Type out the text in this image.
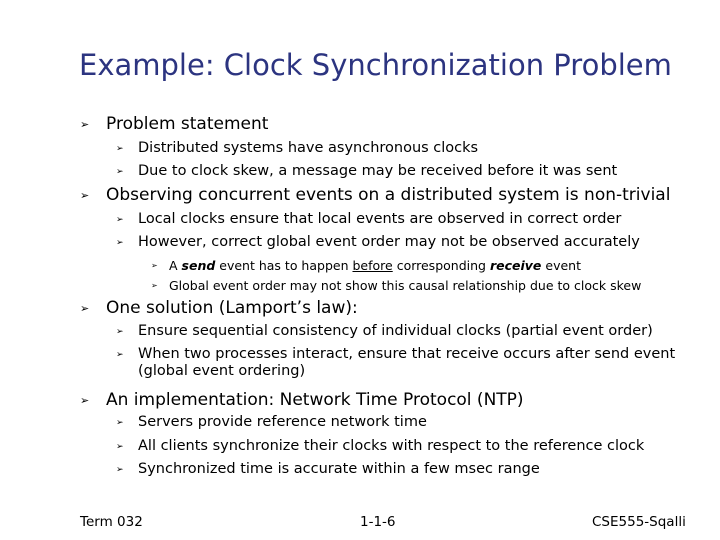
Example: Clock Synchronization Problem
➢ Problem statement
➢ Distributed systems have asynchronous clocks
➢ Due to clock skew, a message may be received before it was sent
➢ Observing concurrent events on a distributed system is non-trivial
➢ Local clocks ensure that local events are observed in correct order
➢ However, correct global event order may not be observed accurately
➢ A send event has to happen before corresponding receive event
➢ Global event order may not show this causal relationship due to clock skew
➢ One solution (Lamport’s law):
➢ Ensure sequential consistency of individual clocks (partial event order)
➢ When two processes interact, ensure that receive occurs after send event
(global event ordering)
➢ An implementation: Network Time Protocol (NTP)
➢ Servers provide reference network time
➢ All clients synchronize their clocks with respect to the reference clock
➢ Synchronized time is accurate within a few msec range
Term 032	1-1-6	CSE555-Sqalli
